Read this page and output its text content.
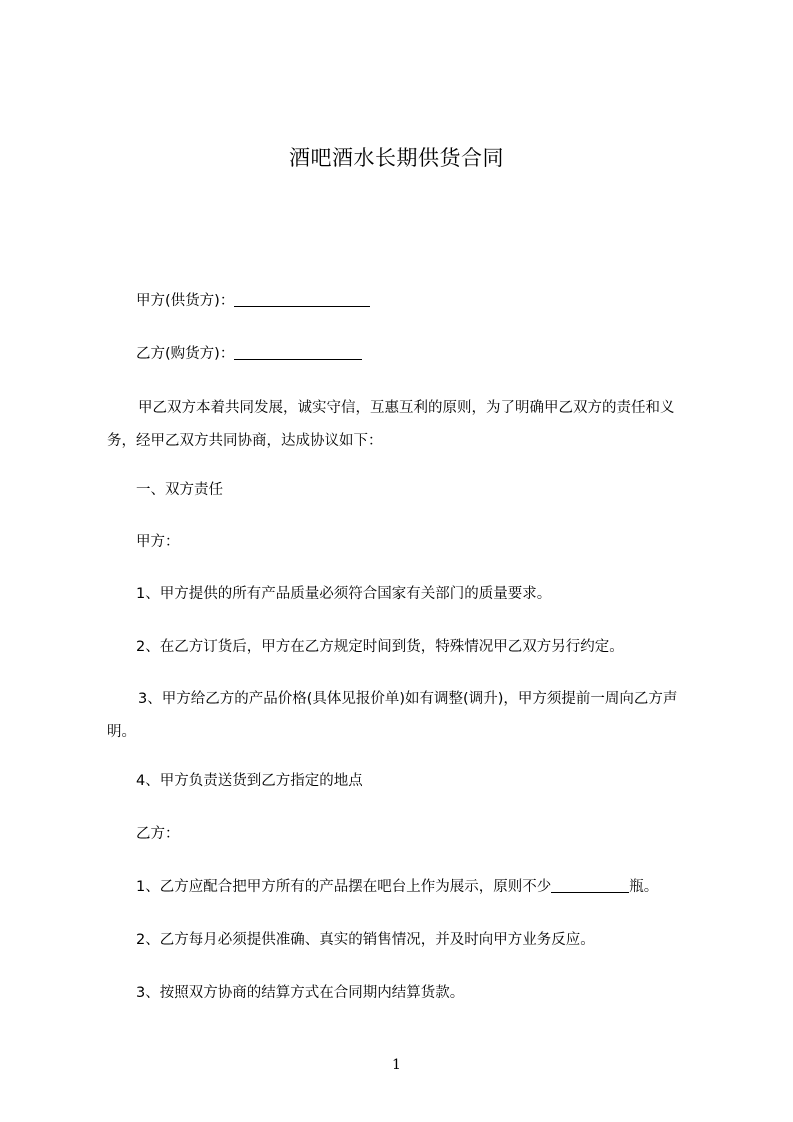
酒吧酒水长期供货合同
甲方(供货方)：
乙方(购货方)：
甲乙双方本着共同发展，诚实守信，互惠互利的原则，为了明确甲乙双方的责任和义务，经甲乙双方共同协商，达成协议如下：
一、双方责任
甲方：
1、甲方提供的所有产品质量必须符合国家有关部门的质量要求。
2、在乙方订货后，甲方在乙方规定时间到货，特殊情况甲乙双方另行约定。
3、甲方给乙方的产品价格(具体见报价单)如有调整(调升)，甲方须提前一周向乙方声明。
4、甲方负责送货到乙方指定的地点
乙方：
1、乙方应配合把甲方所有的产品摆在吧台上作为展示，原则不少	瓶。
2、乙方每月必须提供准确、真实的销售情况，并及时向甲方业务反应。
3、按照双方协商的结算方式在合同期内结算货款。
1
